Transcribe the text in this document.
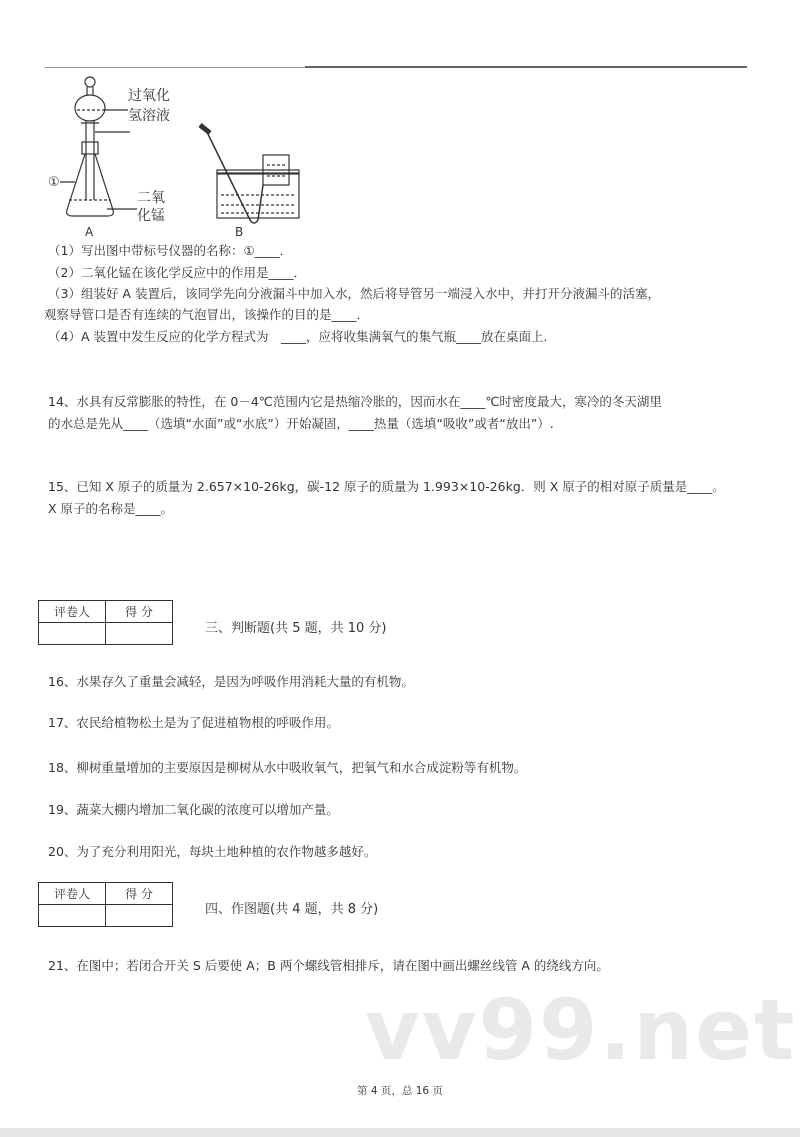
过氧化
氢溶液
二氧
化锰
①
A	B
（1）写出图中带标号仪器的名称：①____．
（2）二氧化锰在该化学反应中的作用是____．
（3）组装好 A 装置后，该同学先向分液漏斗中加入水，然后将导管另一端浸入水中，并打开分液漏斗的活塞，
观察导管口是否有连续的气泡冒出，该操作的目的是____．
（4）A 装置中发生反应的化学方程式为　____，应将收集满氧气的集气瓶____放在桌面上．
14、水具有反常膨胀的特性，在 0－4℃范围内它是热缩冷胀的，因而水在____℃时密度最大，寒冷的冬天湖里
的水总是先从____（选填“水面”或“水底”）开始凝固，____热量（选填“吸收”或者“放出”）.
15、已知 X 原子的质量为 2.657×10-26kg，碳-12 原子的质量为 1.993×10-26kg．则 X 原子的相对原子质量是____。
X 原子的名称是____。
评卷人	得 分

三、判断题(共 5 题，共 10 分)
16、水果存久了重量会减轻，是因为呼吸作用消耗大量的有机物。
17、农民给植物松土是为了促进植物根的呼吸作用。
18、柳树重量增加的主要原因是柳树从水中吸收氧气，把氧气和水合成淀粉等有机物。
19、蔬菜大棚内增加二氧化碳的浓度可以增加产量。
20、为了充分利用阳光，每块土地种植的农作物越多越好。
评卷人	得 分

四、作图题(共 4 题，共 8 分)
21、在图中；若闭合开关 S 后要使 A；B 两个螺线管相排斥，请在图中画出螺丝线管 A 的绕线方向。
vv99.net
第 4 页，总 16 页
